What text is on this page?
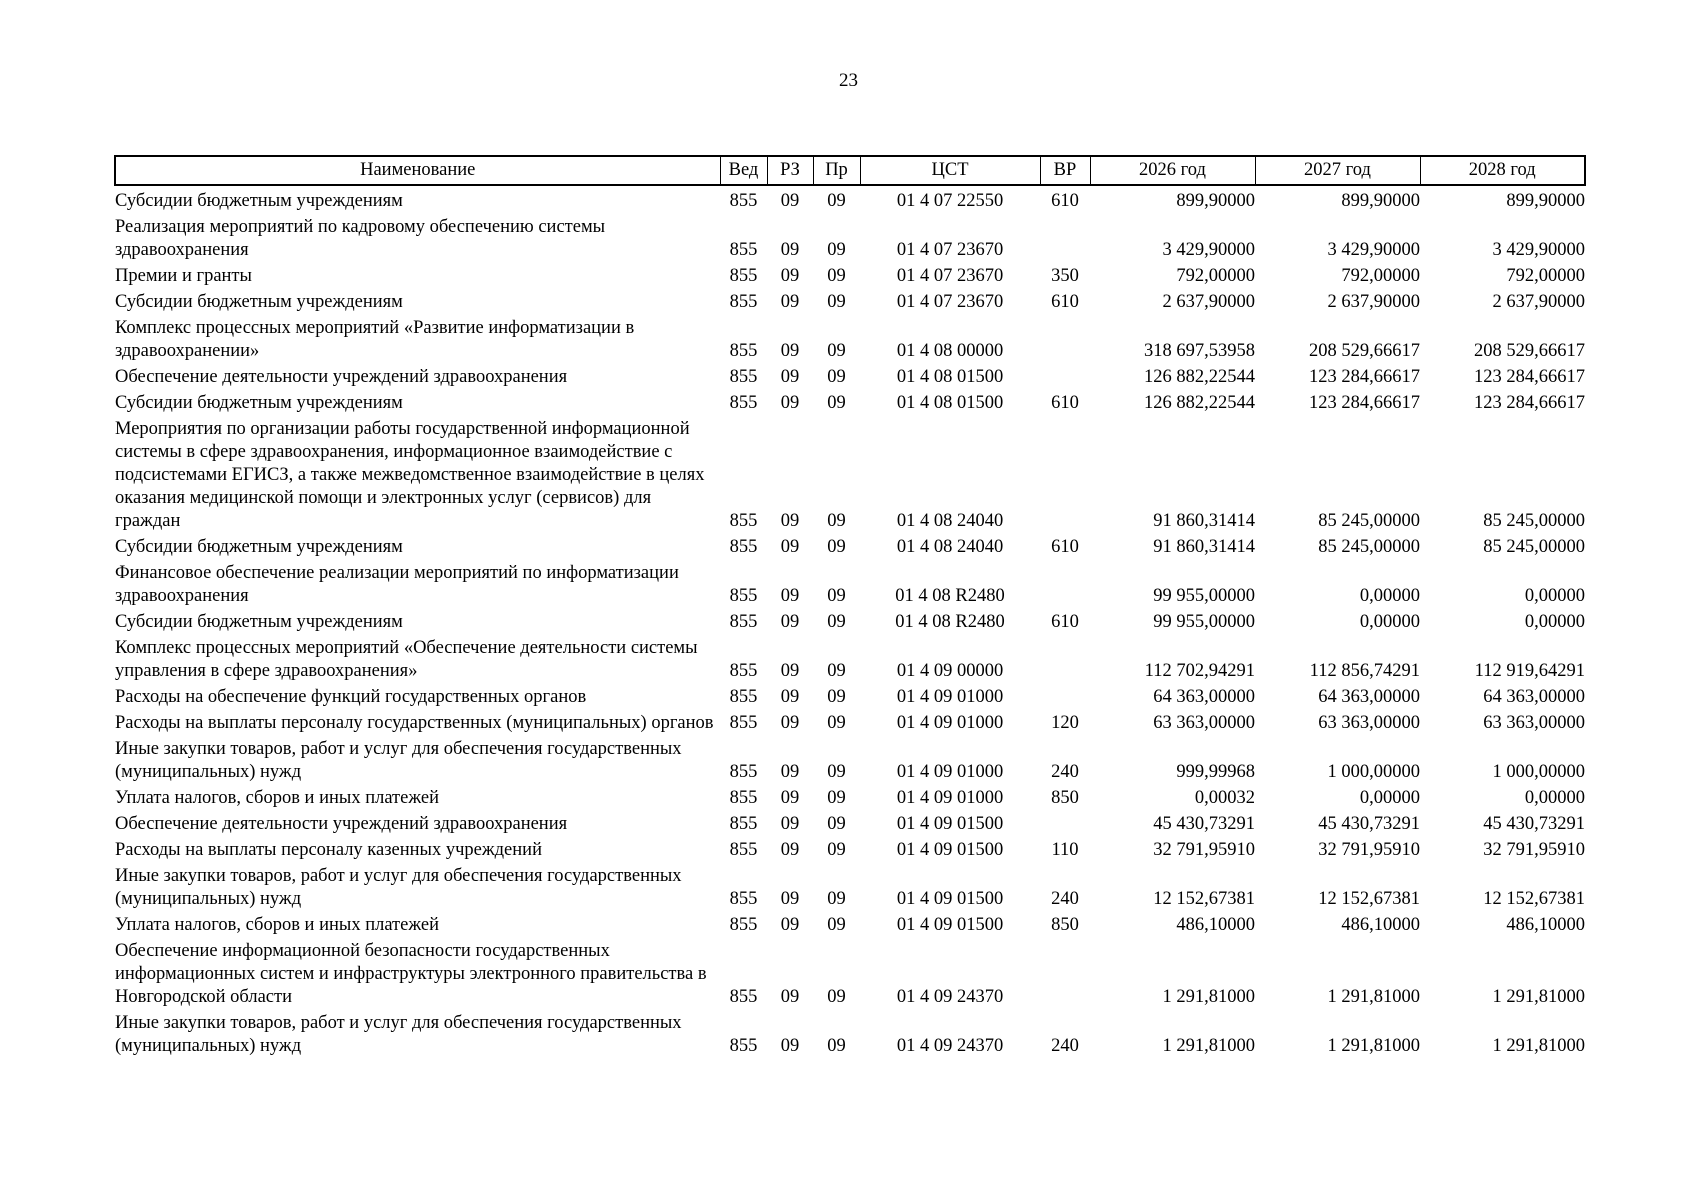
23
Наименование	Вед	РЗ	Пр	ЦСТ	ВР	2026 год	2027 год	2028 год
Субсидии бюджетным учреждениям	855	09	09	01 4 07 22550	610	899,90000	899,90000	899,90000
Реализация мероприятий по кадровому обеспечению системы здравоохранения	855	09	09	01 4 07 23670		3 429,90000	3 429,90000	3 429,90000
Премии и гранты	855	09	09	01 4 07 23670	350	792,00000	792,00000	792,00000
Субсидии бюджетным учреждениям	855	09	09	01 4 07 23670	610	2 637,90000	2 637,90000	2 637,90000
Комплекс процессных мероприятий «Развитие информатизации в здравоохранении»	855	09	09	01 4 08 00000		318 697,53958	208 529,66617	208 529,66617
Обеспечение деятельности учреждений здравоохранения	855	09	09	01 4 08 01500		126 882,22544	123 284,66617	123 284,66617
Субсидии бюджетным учреждениям	855	09	09	01 4 08 01500	610	126 882,22544	123 284,66617	123 284,66617
Мероприятия по организации работы государственной информационной системы в сфере здравоохранения, информационное взаимодействие с подсистемами ЕГИСЗ, а также межведомственное взаимодействие в целях оказания медицинской помощи и электронных услуг (сервисов) для граждан	855	09	09	01 4 08 24040		91 860,31414	85 245,00000	85 245,00000
Субсидии бюджетным учреждениям	855	09	09	01 4 08 24040	610	91 860,31414	85 245,00000	85 245,00000
Финансовое обеспечение реализации мероприятий по информатизации здравоохранения	855	09	09	01 4 08 R2480		99 955,00000	0,00000	0,00000
Субсидии бюджетным учреждениям	855	09	09	01 4 08 R2480	610	99 955,00000	0,00000	0,00000
Комплекс процессных мероприятий «Обеспечение деятельности системы управления в сфере здравоохранения»	855	09	09	01 4 09 00000		112 702,94291	112 856,74291	112 919,64291
Расходы на обеспечение функций государственных органов	855	09	09	01 4 09 01000		64 363,00000	64 363,00000	64 363,00000
Расходы на выплаты персоналу государственных (муниципальных) органов	855	09	09	01 4 09 01000	120	63 363,00000	63 363,00000	63 363,00000
Иные закупки товаров, работ и услуг для обеспечения государственных (муниципальных) нужд	855	09	09	01 4 09 01000	240	999,99968	1 000,00000	1 000,00000
Уплата налогов, сборов и иных платежей	855	09	09	01 4 09 01000	850	0,00032	0,00000	0,00000
Обеспечение деятельности учреждений здравоохранения	855	09	09	01 4 09 01500		45 430,73291	45 430,73291	45 430,73291
Расходы на выплаты персоналу казенных учреждений	855	09	09	01 4 09 01500	110	32 791,95910	32 791,95910	32 791,95910
Иные закупки товаров, работ и услуг для обеспечения государственных (муниципальных) нужд	855	09	09	01 4 09 01500	240	12 152,67381	12 152,67381	12 152,67381
Уплата налогов, сборов и иных платежей	855	09	09	01 4 09 01500	850	486,10000	486,10000	486,10000
Обеспечение информационной безопасности государственных информационных систем и инфраструктуры электронного правительства в Новгородской области	855	09	09	01 4 09 24370		1 291,81000	1 291,81000	1 291,81000
Иные закупки товаров, работ и услуг для обеспечения государственных (муниципальных) нужд	855	09	09	01 4 09 24370	240	1 291,81000	1 291,81000	1 291,81000
